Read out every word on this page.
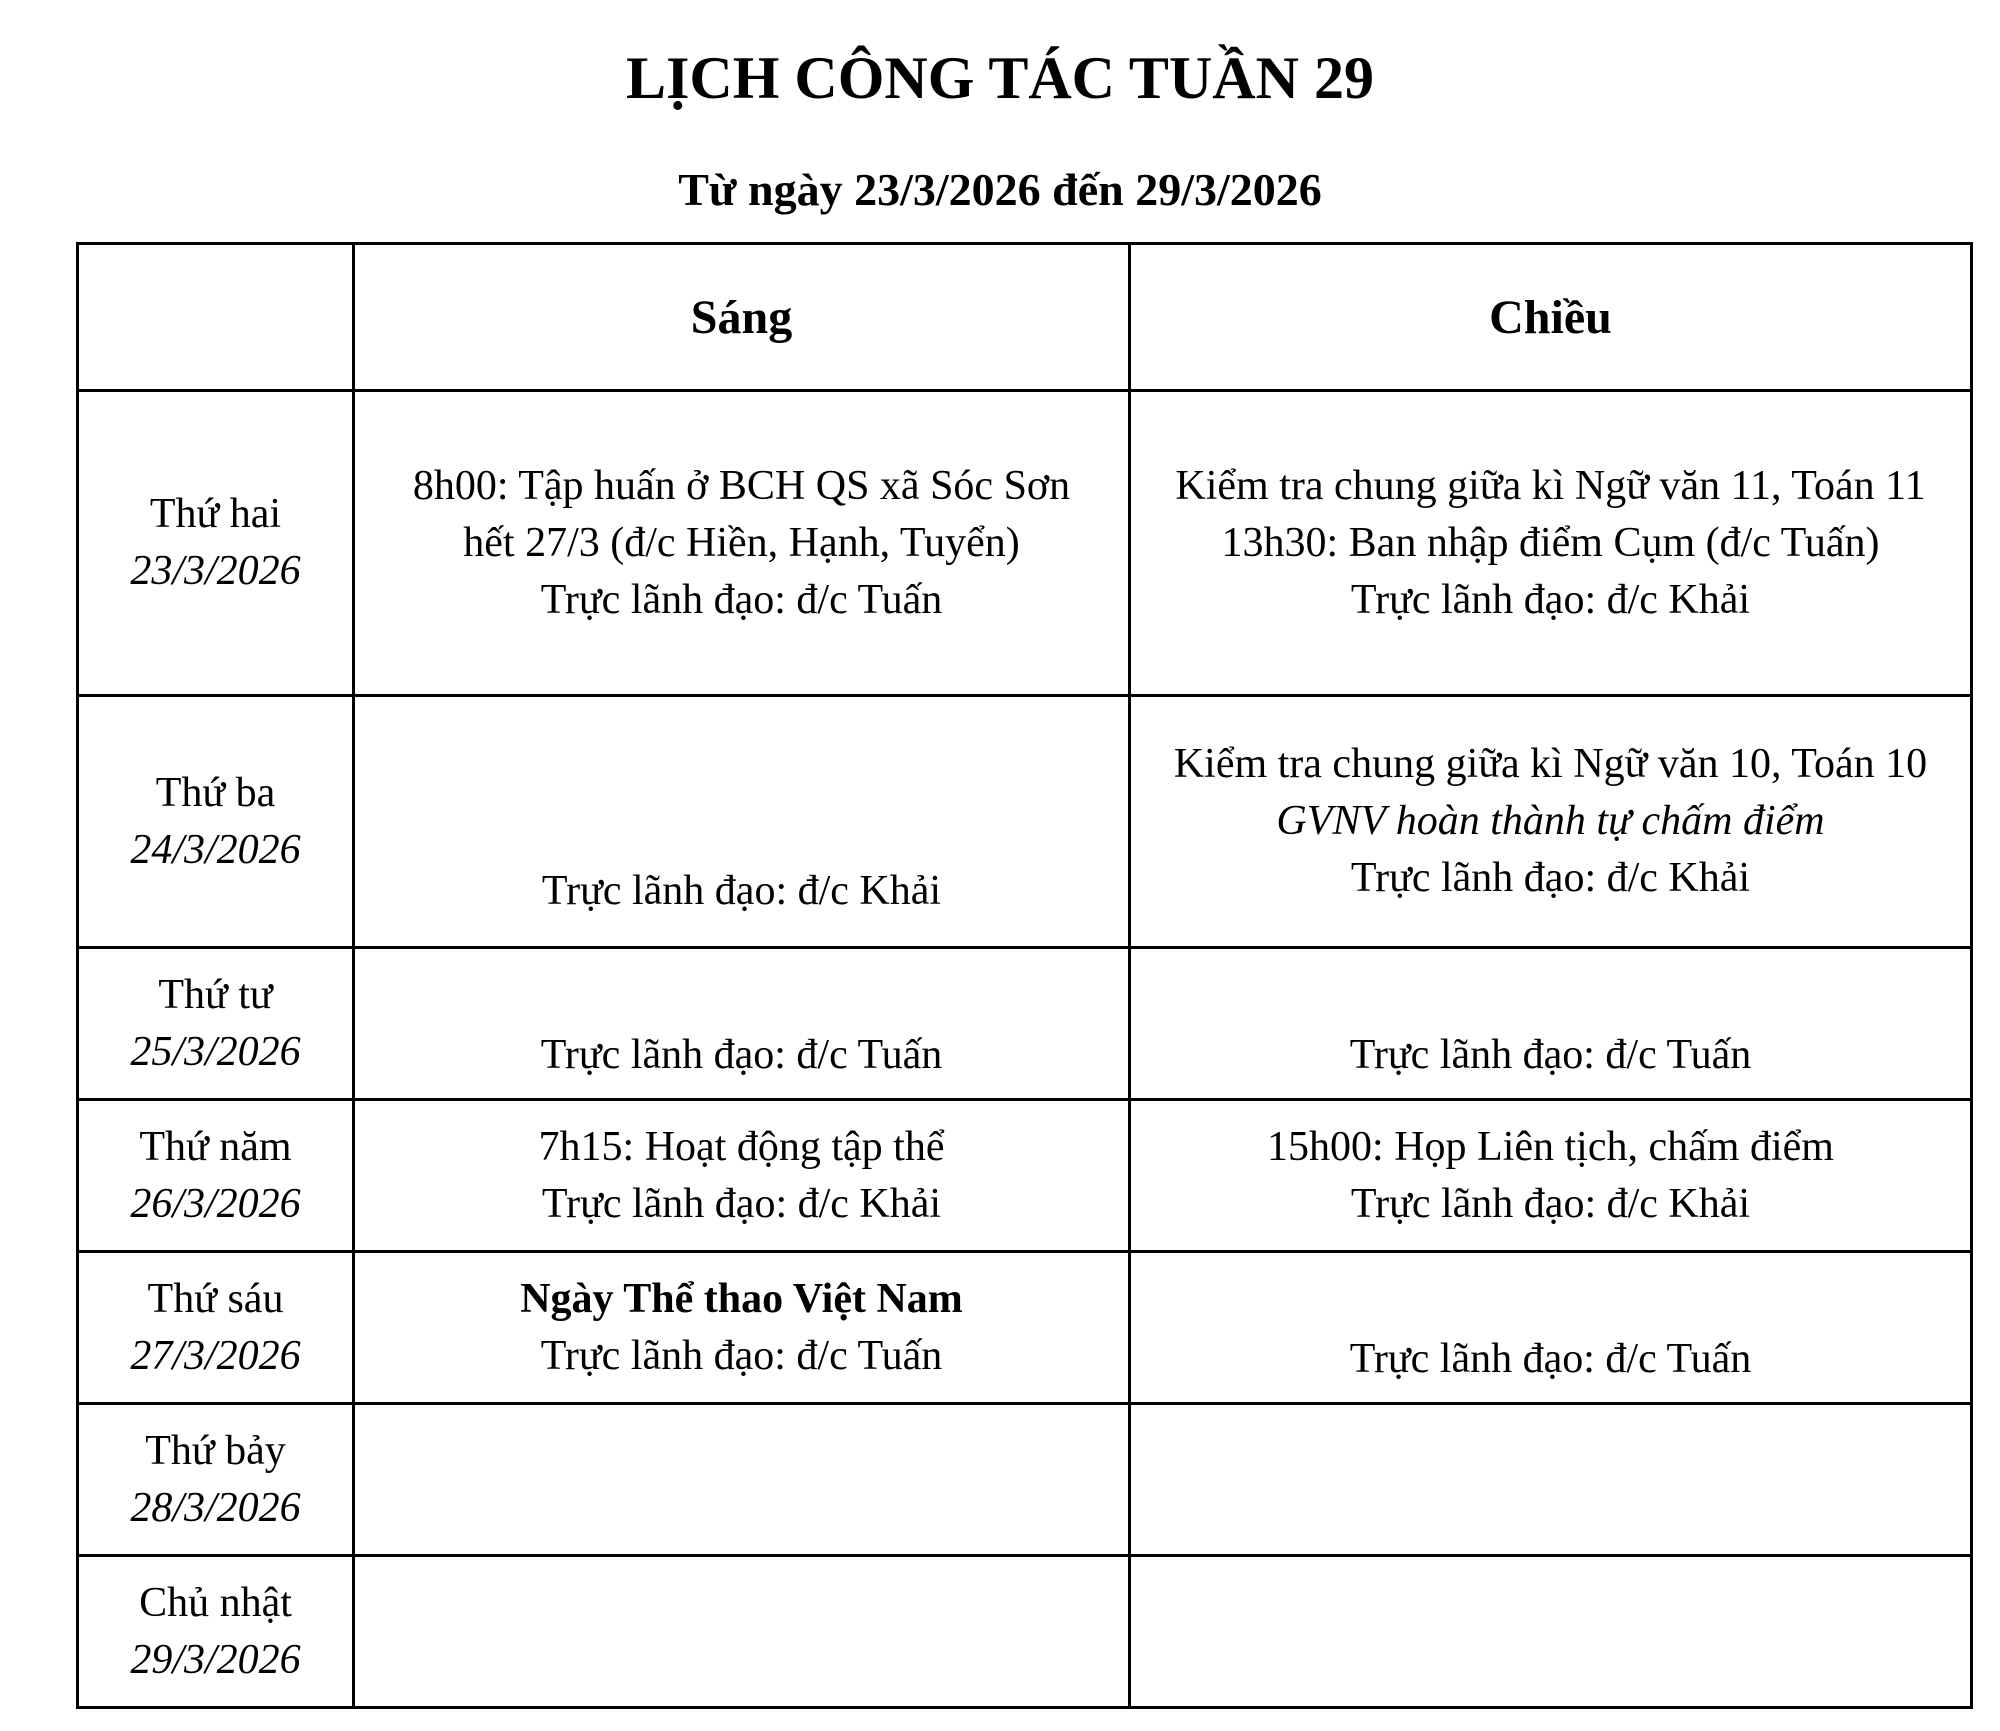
LỊCH CÔNG TÁC TUẦN 29
Từ ngày 23/3/2026 đến 29/3/2026
	Sáng	Chiều

Thứ hai
23/3/2026	8h00: Tập huấn ở BCH QS xã Sóc Sơn
hết 27/3 (đ/c Hiền, Hạnh, Tuyển)
Trực lãnh đạo: đ/c Tuấn	Kiểm tra chung giữa kì Ngữ văn 11, Toán 11
13h30: Ban nhập điểm Cụm (đ/c Tuấn)
Trực lãnh đạo: đ/c Khải

Thứ ba
24/3/2026	Trực lãnh đạo: đ/c Khải	Kiểm tra chung giữa kì Ngữ văn 10, Toán 10
GVNV hoàn thành tự chấm điểm
Trực lãnh đạo: đ/c Khải

Thứ tư
25/3/2026	Trực lãnh đạo: đ/c Tuấn	Trực lãnh đạo: đ/c Tuấn

Thứ năm
26/3/2026	7h15: Hoạt động tập thể
Trực lãnh đạo: đ/c Khải	15h00: Họp Liên tịch, chấm điểm
Trực lãnh đạo: đ/c Khải

Thứ sáu
27/3/2026	Ngày Thể thao Việt Nam
Trực lãnh đạo: đ/c Tuấn	Trực lãnh đạo: đ/c Tuấn

Thứ bảy
28/3/2026		

Chủ nhật
29/3/2026		
